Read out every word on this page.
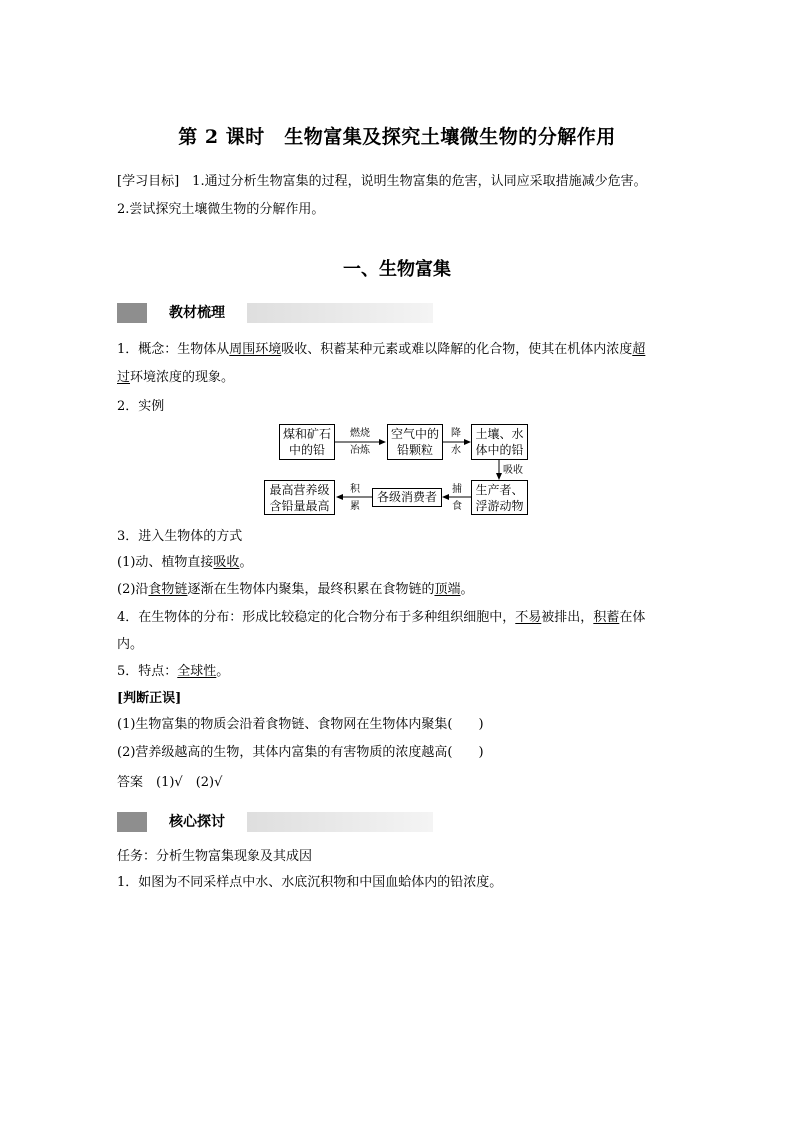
第 2 课时　生物富集及探究土壤微生物的分解作用
[学习目标]　 1.通过分析生物富集的过程，说明生物富集的危害，认同应采取措施减少危害。
2.尝试探究土壤微生物的分解作用。
一、生物富集
教材梳理
1．概念：生物体从周围环境吸收、积蓄某种元素或难以降解的化合物，使其在机体内浓度超
过环境浓度的现象。
2．实例
煤和矿石
中的铅
燃烧
冶炼
空气中的
铅颗粒
降
水
土壤、水
体中的铅
吸收
生产者、
浮游动物
捕
食
各级消费者
积
累
最高营养级
含铅量最高
3．进入生物体的方式
(1)动、植物直接吸收。
(2)沿食物链逐渐在生物体内聚集，最终积累在食物链的顶端。
4．在生物体的分布：形成比较稳定的化合物分布于多种组织细胞中，不易被排出，积蓄在体
内。
5．特点：全球性。
[判断正误]
(1)生物富集的物质会沿着食物链、食物网在生物体内聚集(　　)
(2)营养级越高的生物，其体内富集的有害物质的浓度越高(　　)
答案　(1)√　(2)√
核心探讨
任务：分析生物富集现象及其成因
1．如图为不同采样点中水、水底沉积物和中国血蛤体内的铅浓度。
